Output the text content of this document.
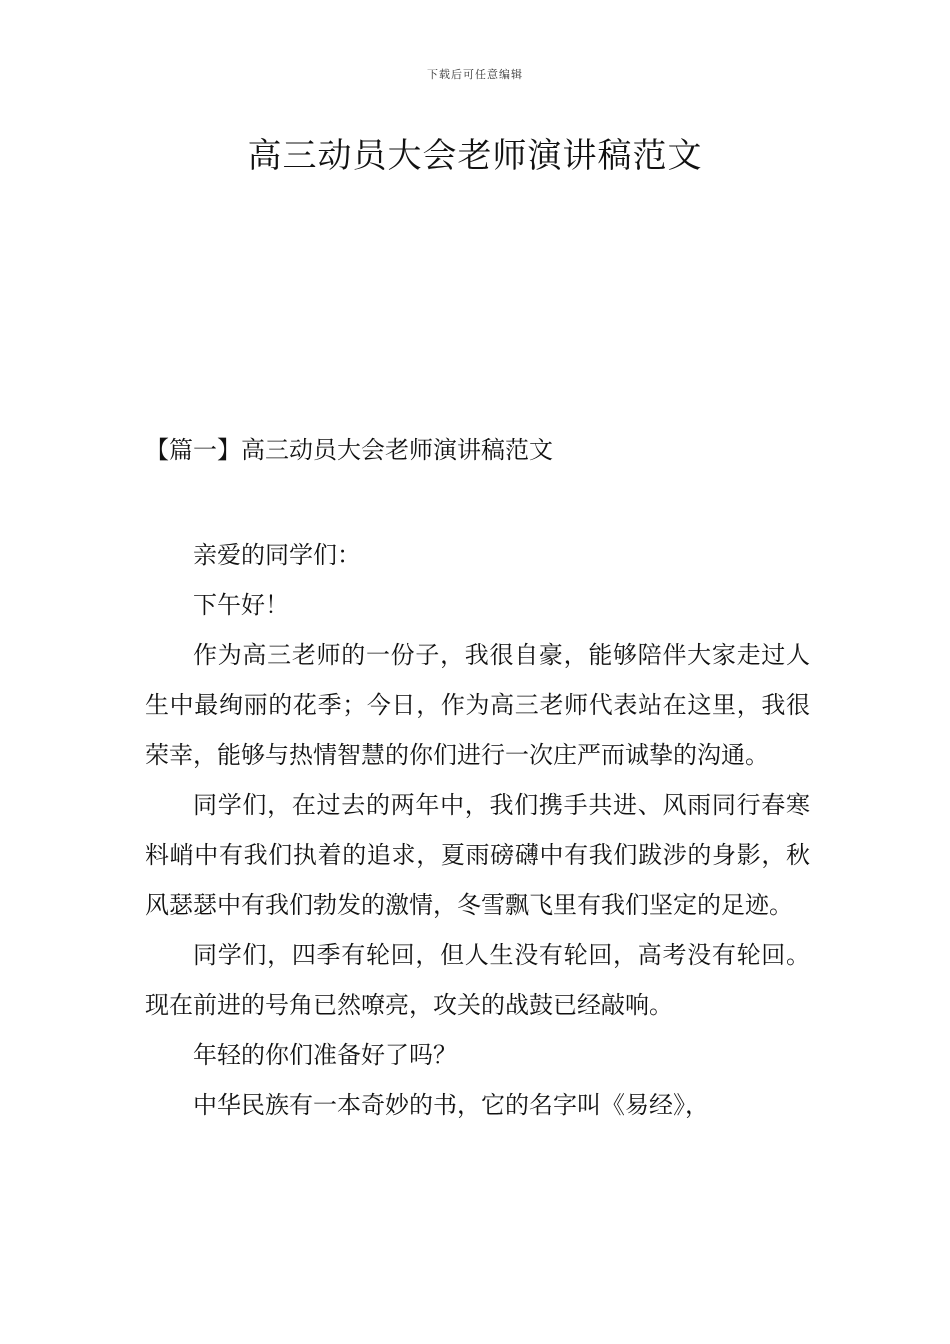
下载后可任意编辑
高三动员大会老师演讲稿范文
【篇一】高三动员大会老师演讲稿范文

亲爱的同学们：

下午好！

作为高三老师的一份子，我很自豪，能够陪伴大家走过人生中最绚丽的花季；今日，作为高三老师代表站在这里，我很荣幸，能够与热情智慧的你们进行一次庄严而诚挚的沟通。

同学们，在过去的两年中，我们携手共进、风雨同行春寒料峭中有我们执着的追求，夏雨磅礴中有我们跋涉的身影，秋风瑟瑟中有我们勃发的激情，冬雪飘飞里有我们坚定的足迹。

同学们，四季有轮回，但人生没有轮回，高考没有轮回。现在前进的号角已然嘹亮，攻关的战鼓已经敲响。

年轻的你们准备好了吗？

中华民族有一本奇妙的书，它的名字叫《易经》，
